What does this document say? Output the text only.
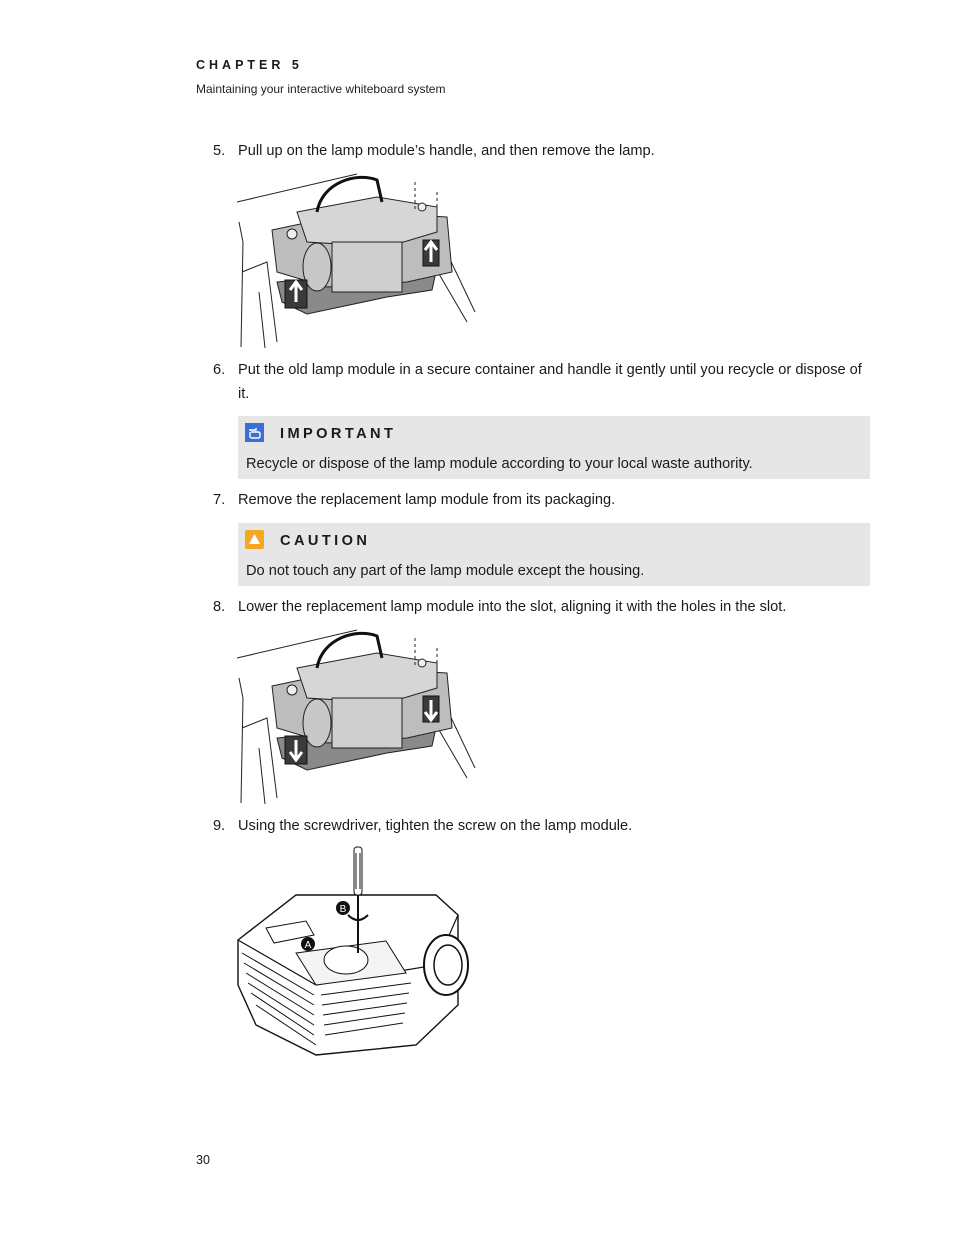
CHAPTER 5
Maintaining your interactive whiteboard system
5. Pull up on the lamp module’s handle, and then remove the lamp.
6. Put the old lamp module in a secure container and handle it gently until you recycle or dispose of it.
IMPORTANT
Recycle or dispose of the lamp module according to your local waste authority.
7. Remove the replacement lamp module from its packaging.
CAUTION
Do not touch any part of the lamp module except the housing.
8. Lower the replacement lamp module into the slot, aligning it with the holes in the slot.
9. Using the screwdriver, tighten the screw on the lamp module.
B
A
30
